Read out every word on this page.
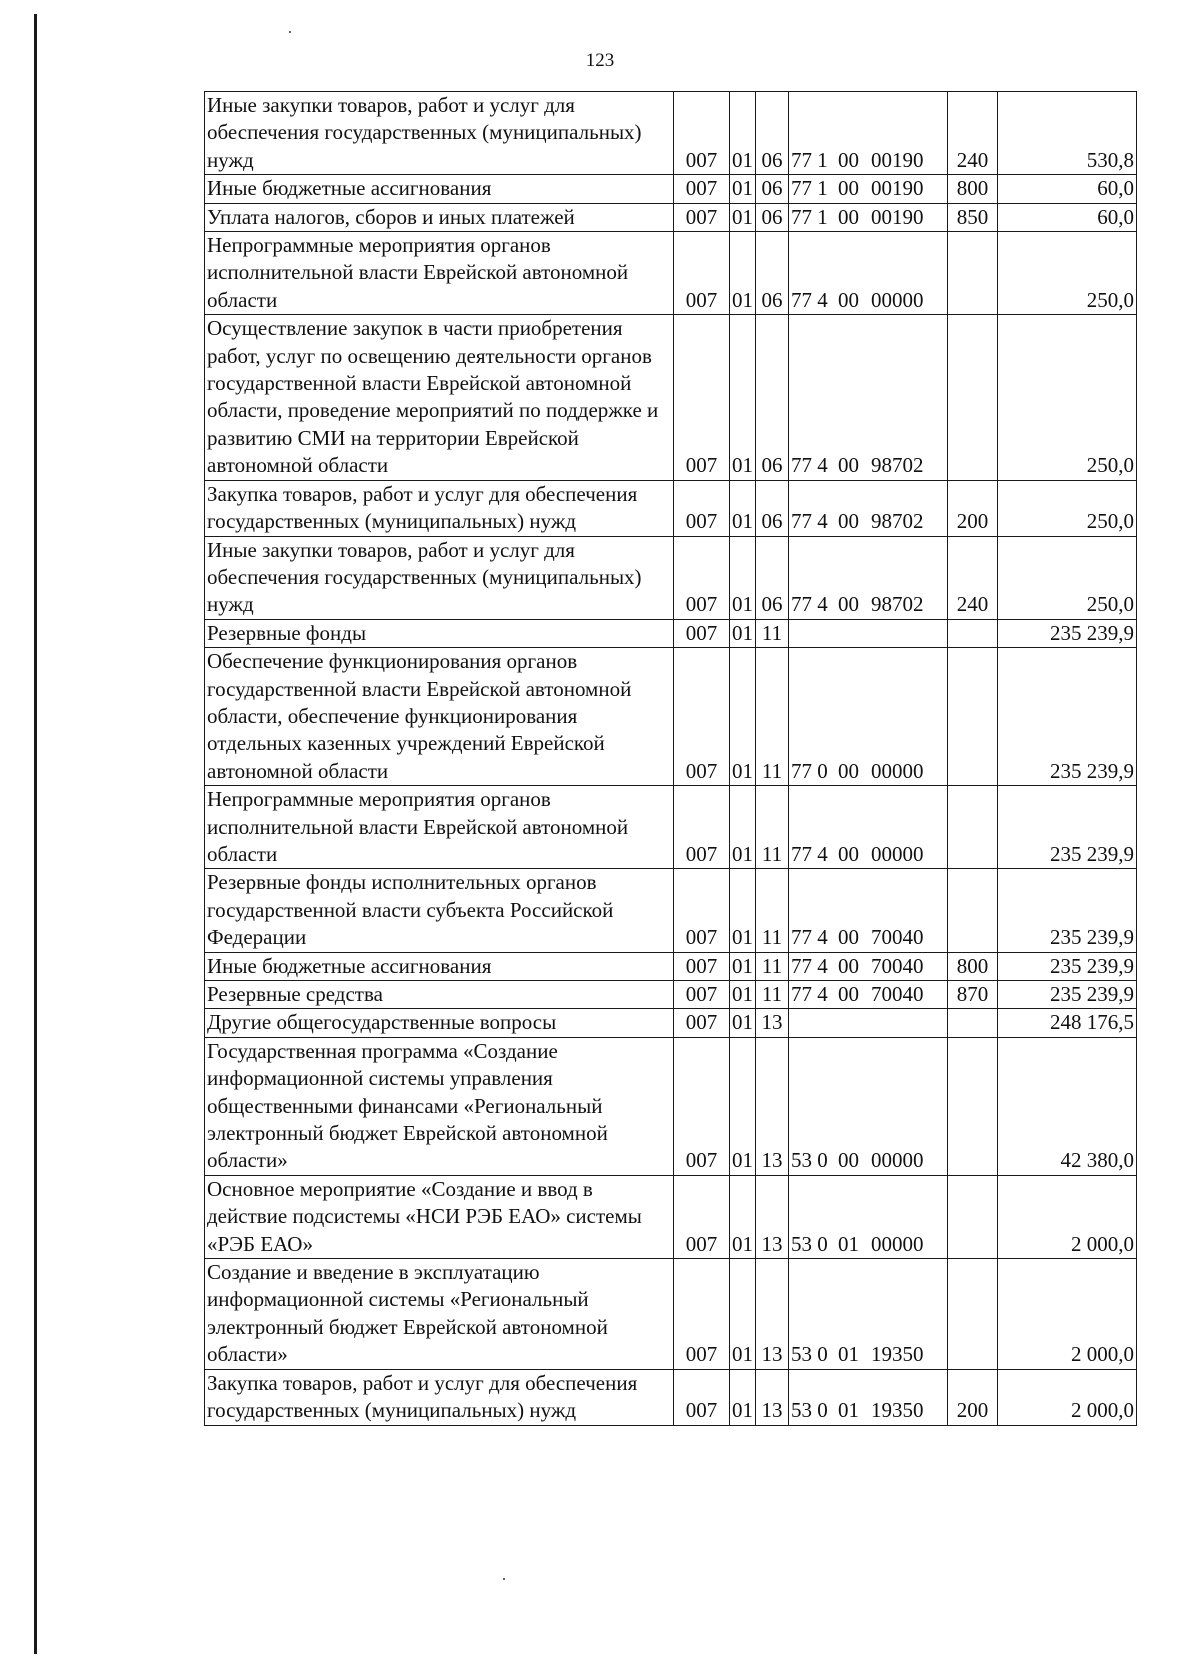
123
Иные закупки товаров, работ и услуг для обеспечения государственных (муниципальных) нужд	007	01	06	77 1 00 00190	240	530,8
Иные бюджетные ассигнования	007	01	06	77 1 00 00190	800	60,0
Уплата налогов, сборов и иных платежей	007	01	06	77 1 00 00190	850	60,0
Непрограммные мероприятия органов исполнительной власти Еврейской автономной области	007	01	06	77 4 00 00000		250,0
Осуществление закупок в части приобретения работ, услуг по освещению деятельности органов государственной власти Еврейской автономной области, проведение мероприятий по поддержке и развитию СМИ на территории Еврейской автономной области	007	01	06	77 4 00 98702		250,0
Закупка товаров, работ и услуг для обеспечения государственных (муниципальных) нужд	007	01	06	77 4 00 98702	200	250,0
Иные закупки товаров, работ и услуг для обеспечения государственных (муниципальных) нужд	007	01	06	77 4 00 98702	240	250,0
Резервные фонды	007	01	11			235 239,9
Обеспечение функционирования органов государственной власти Еврейской автономной области, обеспечение функционирования отдельных казенных учреждений Еврейской автономной области	007	01	11	77 0 00 00000		235 239,9
Непрограммные мероприятия органов исполнительной власти Еврейской автономной области	007	01	11	77 4 00 00000		235 239,9
Резервные фонды исполнительных органов государственной власти субъекта Российской Федерации	007	01	11	77 4 00 70040		235 239,9
Иные бюджетные ассигнования	007	01	11	77 4 00 70040	800	235 239,9
Резервные средства	007	01	11	77 4 00 70040	870	235 239,9
Другие общегосударственные вопросы	007	01	13			248 176,5
Государственная программа «Создание информационной системы управления общественными финансами «Региональный электронный бюджет Еврейской автономной области»	007	01	13	53 0 00 00000		42 380,0
Основное мероприятие «Создание и ввод в действие подсистемы «НСИ РЭБ ЕАО» системы «РЭБ ЕАО»	007	01	13	53 0 01 00000		2 000,0
Создание и введение в эксплуатацию информационной системы «Региональный электронный бюджет Еврейской автономной области»	007	01	13	53 0 01 19350		2 000,0
Закупка товаров, работ и услуг для обеспечения государственных (муниципальных) нужд	007	01	13	53 0 01 19350	200	2 000,0
